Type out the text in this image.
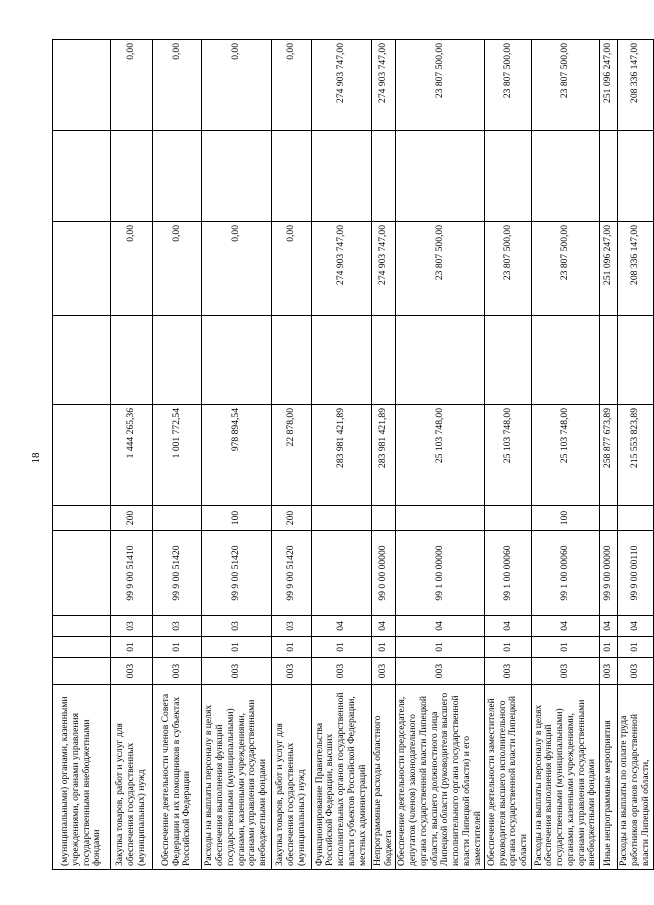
18
(муниципальными) органами, казенными учреждениями, органами управления государственными внебюджетными фондами										
Закупка товаров, работ и услуг для обеспечения государственных (муниципальных) нужд	003	01	03	99 9 00 51410	200	1 444 265,36		0,00		0,00
Обеспечение деятельности членов Совета Федерации и их помощников в субъектах Российской Федерации	003	01	03	99 9 00 51420		1 001 772,54		0,00		0,00
Расходы на выплаты персоналу в целях обеспечения выполнения функций государственными (муниципальными) органами, казенными учреждениями, органами управления государственными внебюджетными фондами	003	01	03	99 9 00 51420	100	978 894,54		0,00		0,00
Закупка товаров, работ и услуг для обеспечения государственных (муниципальных) нужд	003	01	03	99 9 00 51420	200	22 878,00		0,00		0,00
Функционирование Правительства Российской Федерации, высших исполнительных органов государственной власти субъектов Российской Федерации, местных администраций	003	01	04			283 981 421,89		274 903 747,00		274 903 747,00
Непрограммные расходы областного бюджета	003	01	04	99 0 00 00000		283 981 421,89		274 903 747,00		274 903 747,00
Обеспечение деятельности председателя, депутатов (членов) законодательного органа государственной власти Липецкой области, высшего должностного лица Липецкой области (руководителя высшего исполнительного органа государственной власти Липецкой области) и его заместителей	003	01	04	99 1 00 00000		25 103 748,00		23 807 500,00		23 807 500,00
Обеспечение деятельности заместителей руководителя высшего исполнительного органа государственной власти Липецкой области	003	01	04	99 1 00 00060		25 103 748,00		23 807 500,00		23 807 500,00
Расходы на выплаты персоналу в целях обеспечения выполнения функций государственными (муниципальными) органами, казенными учреждениями, органами управления государственными внебюджетными фондами	003	01	04	99 1 00 00060	100	25 103 748,00		23 807 500,00		23 807 500,00
Иные непрограммные мероприятия	003	01	04	99 9 00 00000		258 877 673,89		251 096 247,00		251 096 247,00
Расходы на выплаты по оплате труда работников органов государственной власти Липецкой области,	003	01	04	99 9 00 00110		215 553 823,89		208 336 147,00		208 336 147,00
